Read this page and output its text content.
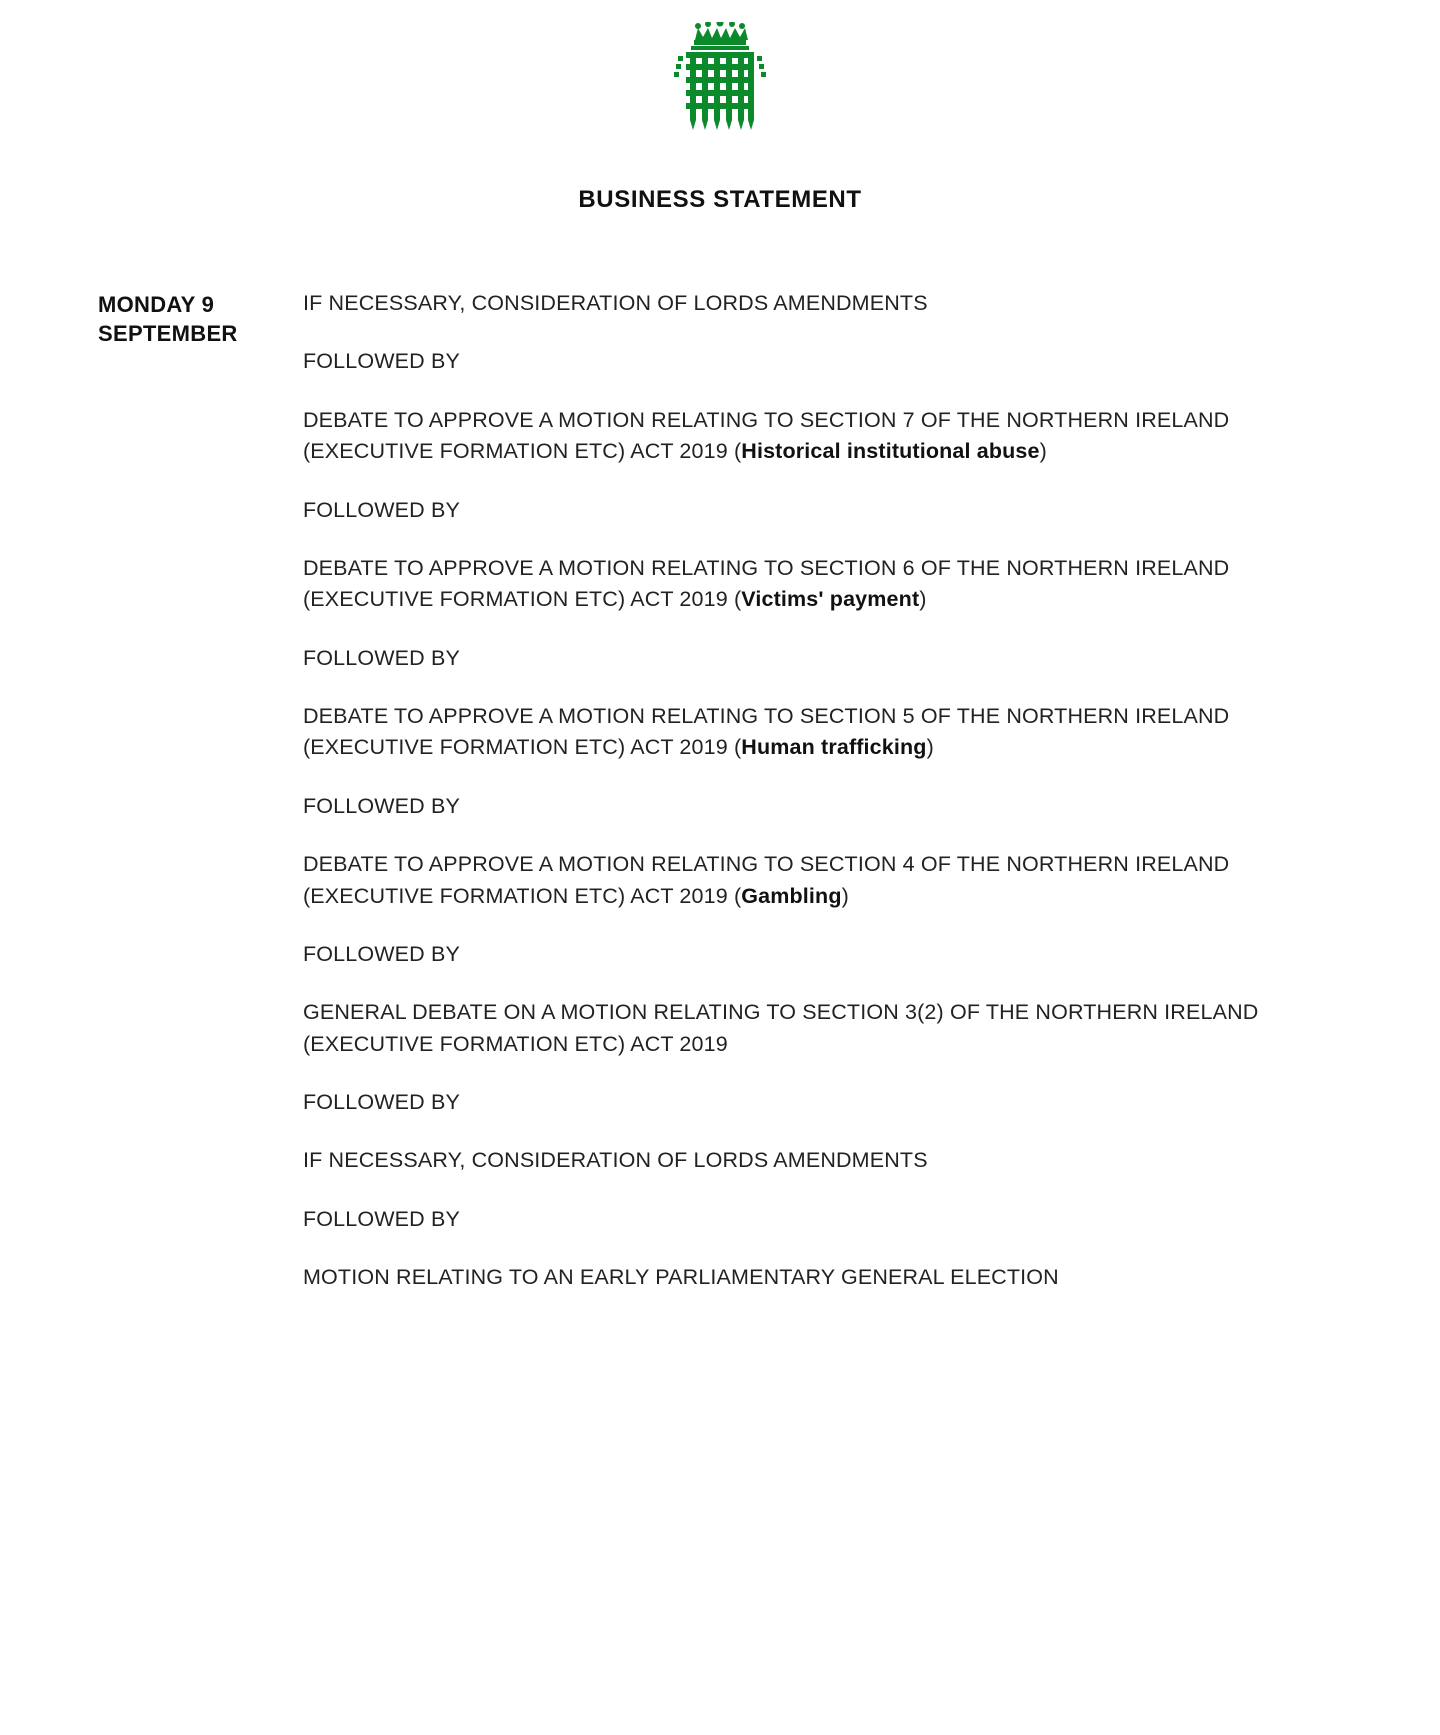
BUSINESS STATEMENT
MONDAY 9 SEPTEMBER
IF NECESSARY, CONSIDERATION OF LORDS AMENDMENTS
FOLLOWED BY
DEBATE TO APPROVE A MOTION RELATING TO SECTION 7 OF THE NORTHERN IRELAND (EXECUTIVE FORMATION ETC) ACT 2019 (Historical institutional abuse)
FOLLOWED BY
DEBATE TO APPROVE A MOTION RELATING TO SECTION 6 OF THE NORTHERN IRELAND (EXECUTIVE FORMATION ETC) ACT 2019 (Victims' payment)
FOLLOWED BY
DEBATE TO APPROVE A MOTION RELATING TO SECTION 5 OF THE NORTHERN IRELAND (EXECUTIVE FORMATION ETC) ACT 2019 (Human trafficking)
FOLLOWED BY
DEBATE TO APPROVE A MOTION RELATING TO SECTION 4 OF THE NORTHERN IRELAND (EXECUTIVE FORMATION ETC) ACT 2019 (Gambling)
FOLLOWED BY
GENERAL DEBATE ON A MOTION RELATING TO SECTION 3(2) OF THE NORTHERN IRELAND (EXECUTIVE FORMATION ETC) ACT 2019
FOLLOWED BY
IF NECESSARY, CONSIDERATION OF LORDS AMENDMENTS
FOLLOWED BY
MOTION RELATING TO AN EARLY PARLIAMENTARY GENERAL ELECTION
